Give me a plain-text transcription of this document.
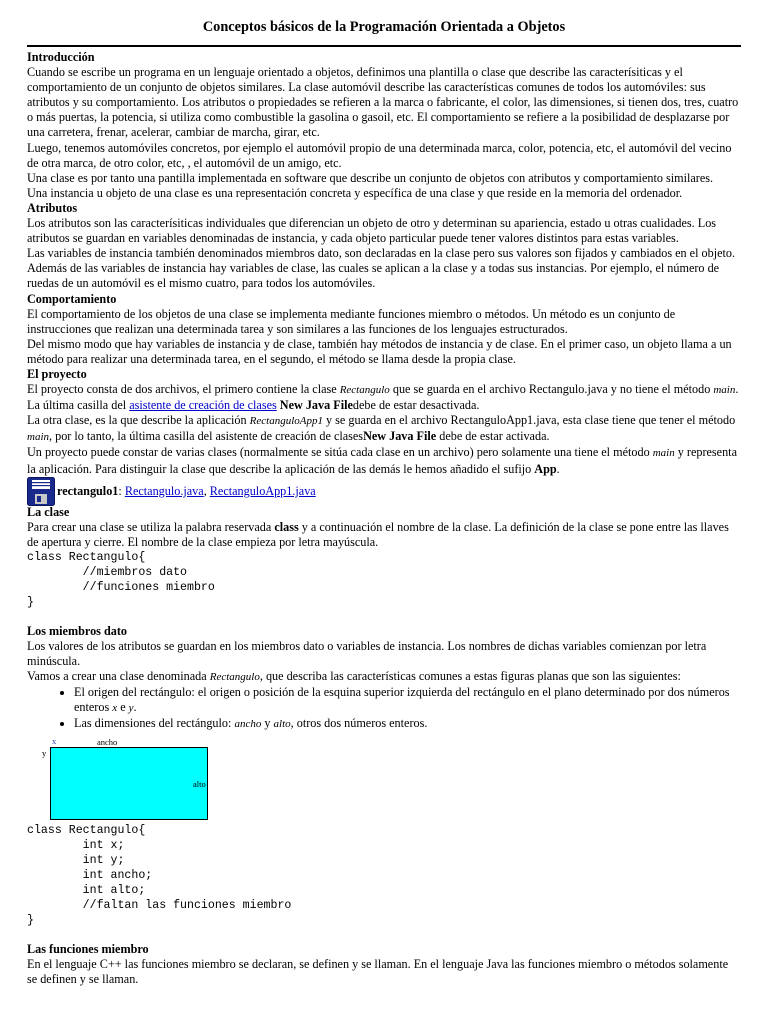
Conceptos básicos de la Programación Orientada a Objetos

Introducción

Cuando se escribe un programa en un lenguaje orientado a objetos, definimos una plantilla o clase que describe las caracterísiticas y el comportamiento de un conjunto de objetos similares. La clase automóvil describe las características comunes de todos los automóviles: sus atributos y su comportamiento. Los atributos o propiedades se refieren a la marca o fabricante, el color, las dimensiones, si tienen dos, tres, cuatro o más puertas, la potencia, si utiliza como combustible la gasolina o gasoil, etc. El comportamiento se refiere a la posibilidad de desplazarse por una carretera, frenar, acelerar, cambiar de marcha, girar, etc.

Luego, tenemos automóviles concretos, por ejemplo el automóvil propio de una determinada marca, color, potencia, etc, el automóvil del vecino de otra marca, de otro color, etc, , el automóvil de un amigo, etc.

Una clase es por tanto una pantilla implementada en software que describe un conjunto de objetos con atributos y comportamiento similares.

Una instancia u objeto de una clase es una representación concreta y específica de una clase y que reside en la memoria del ordenador.

Atributos

Los atributos son las caracterísiticas individuales que diferencian un objeto de otro y determinan su apariencia, estado u otras cualidades. Los atributos se guardan en variables denominadas de instancia, y cada objeto particular puede tener valores distintos para estas variables.

Las variables de instancia también denominados miembros dato, son declaradas en la clase pero sus valores son fijados y cambiados en el objeto.

Además de las variables de instancia hay variables de clase, las cuales se aplican a la clase y a todas sus instancias. Por ejemplo, el número de ruedas de un automóvil es el mismo cuatro, para todos los automóviles.

Comportamiento

El comportamiento de los objetos de una clase se implementa mediante funciones miembro o métodos. Un método es un conjunto de instrucciones que realizan una determinada tarea y son similares a las funciones de los lenguajes estructurados.

Del mismo modo que hay variables de instancia y de clase, también hay métodos de instancia y de clase. En el primer caso, un objeto llama a un método para realizar una determinada tarea, en el segundo, el método se llama desde la propia clase.

El proyecto

El proyecto consta de dos archivos, el primero contiene la clase Rectangulo que se guarda en el archivo Rectangulo.java y no tiene el método main. La última casilla del asistente de creación de clases New Java Filedebe de estar desactivada.

La otra clase, es la que describe la aplicación RectanguloApp1 y se guarda en el archivo RectanguloApp1.java, esta clase tiene que tener el método main, por lo tanto, la última casilla del asistente de creación de clasesNew Java File debe de estar activada.

Un proyecto puede constar de varias clases (normalmente se sitúa cada clase en un archivo) pero solamente una tiene el método main y representa la aplicación. Para distinguir la clase que describe la aplicación de las demás le hemos añadido el sufijo App.

rectangulo1: Rectangulo.java, RectanguloApp1.java

La clase

Para crear una clase se utiliza la palabra reservada class y a continuación el nombre de la clase. La definición de la clase se pone entre las llaves de apertura y cierre. El nombre de la clase empieza por letra mayúscula.

class Rectangulo{
//miembros dato
//funciones miembro
}

Los miembros dato

Los valores de los atributos se guardan en los miembros dato o variables de instancia. Los nombres de dichas variables comienzan por letra minúscula.

Vamos a crear una clase denominada Rectangulo, que describa las características comunes a estas figuras planas que son las siguientes:

• El origen del rectángulo: el origen o posición de la esquina superior izquierda del rectángulo en el plano determinado por dos números enteros x e y.
• Las dimensiones del rectángulo: ancho y alto, otros dos números enteros.
x
y
ancho
alto
class Rectangulo{
int x;
int y;
int ancho;
int alto;
//faltan las funciones miembro
}

Las funciones miembro

En el lenguaje C++ las funciones miembro se declaran, se definen y se llaman. En el lenguaje Java las funciones miembro o métodos solamente se definen y se llaman.
